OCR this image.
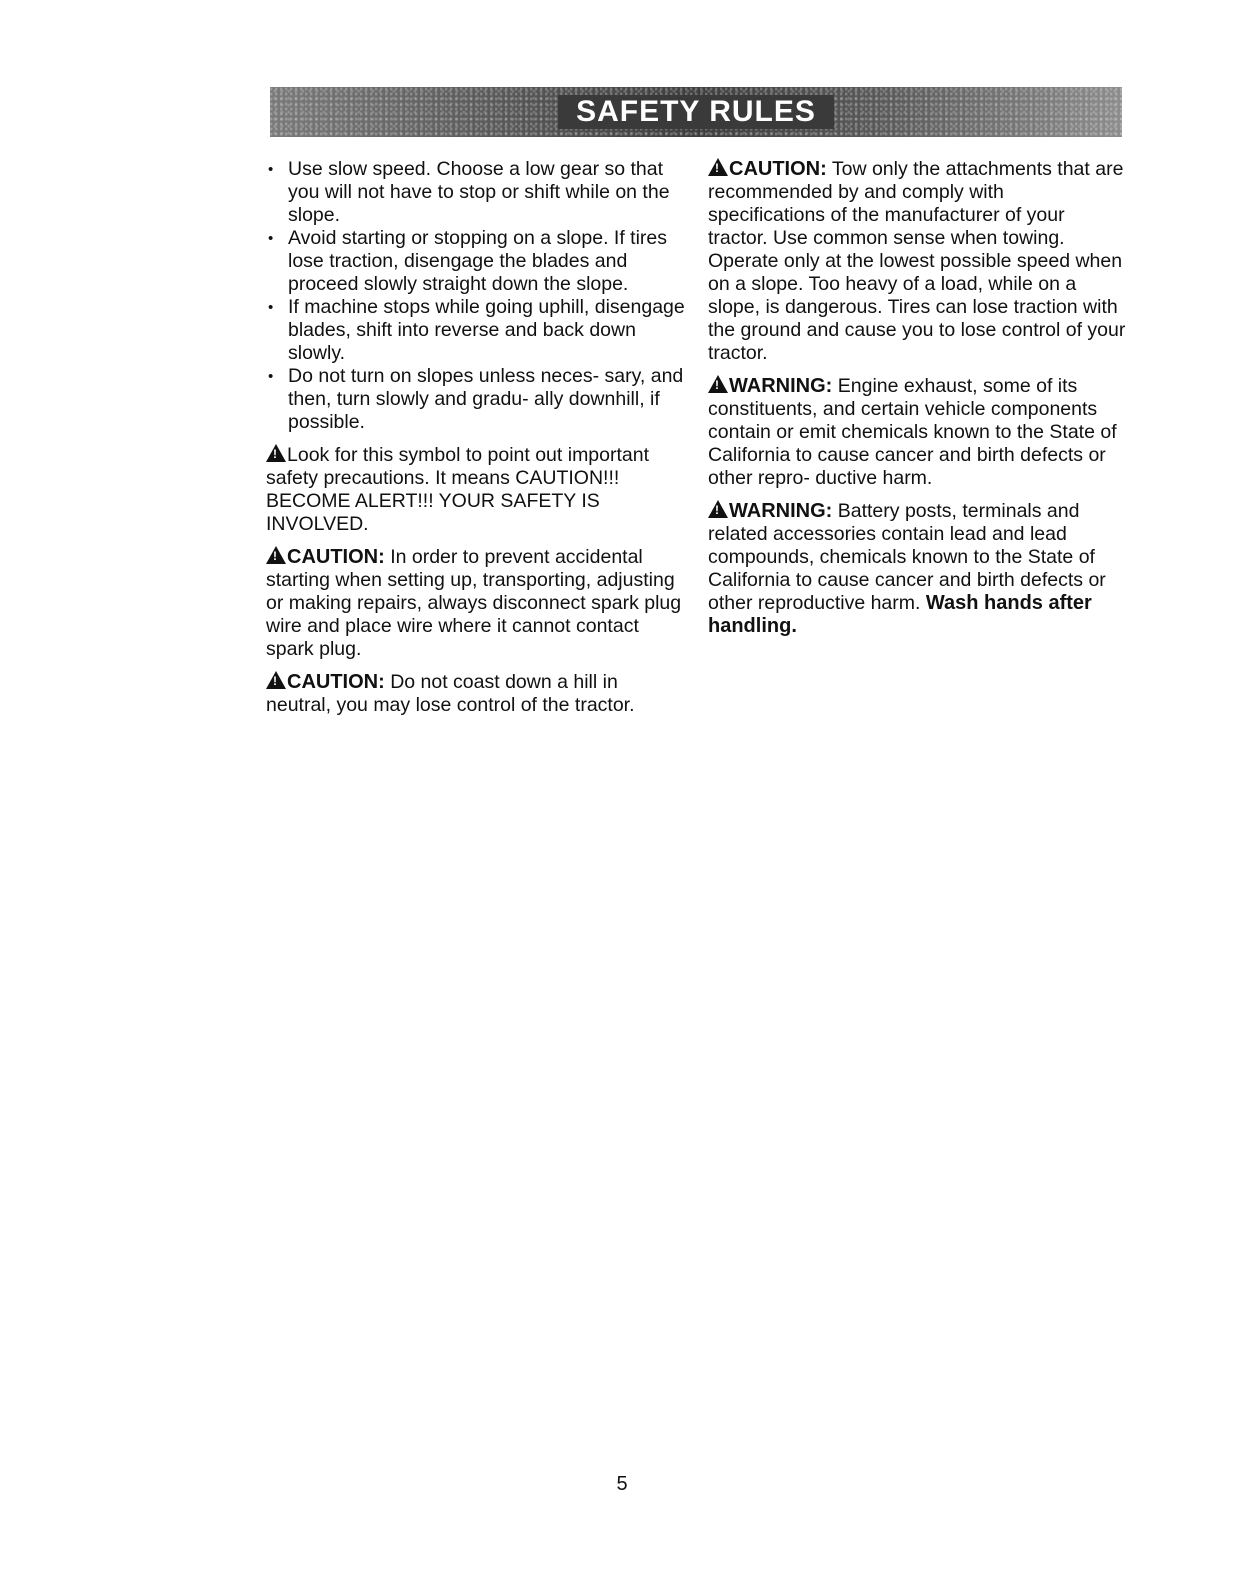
SAFETY RULES
• Use slow speed. Choose a low gear so that you will not have to stop or shift while on the slope.
• Avoid starting or stopping on a slope. If tires lose traction, disengage the blades and proceed slowly straight down the slope.
• If machine stops while going uphill, disengage blades, shift into reverse and back down slowly.
• Do not turn on slopes unless neces- sary, and then, turn slowly and gradu- ally downhill, if possible.

!Look for this symbol to point out important safety precautions. It means CAUTION!!! BECOME ALERT!!! YOUR SAFETY IS INVOLVED.

!CAUTION: In order to prevent accidental starting when setting up, transporting, adjusting or making repairs, always disconnect spark plug wire and place wire where it cannot contact spark plug.

!CAUTION: Do not coast down a hill in neutral, you may lose control of the tractor.

!CAUTION: Tow only the attachments that are recommended by and comply with specifications of the manufacturer of your tractor. Use common sense when towing. Operate only at the lowest possible speed when on a slope. Too heavy of a load, while on a slope, is dangerous. Tires can lose traction with the ground and cause you to lose control of your tractor.

!WARNING: Engine exhaust, some of its constituents, and certain vehicle components contain or emit chemicals known to the State of California to cause cancer and birth defects or other repro- ductive harm.

!WARNING: Battery posts, terminals and related accessories contain lead and lead compounds, chemicals known to the State of California to cause cancer and birth defects or other reproductive harm. Wash hands after handling.

5
